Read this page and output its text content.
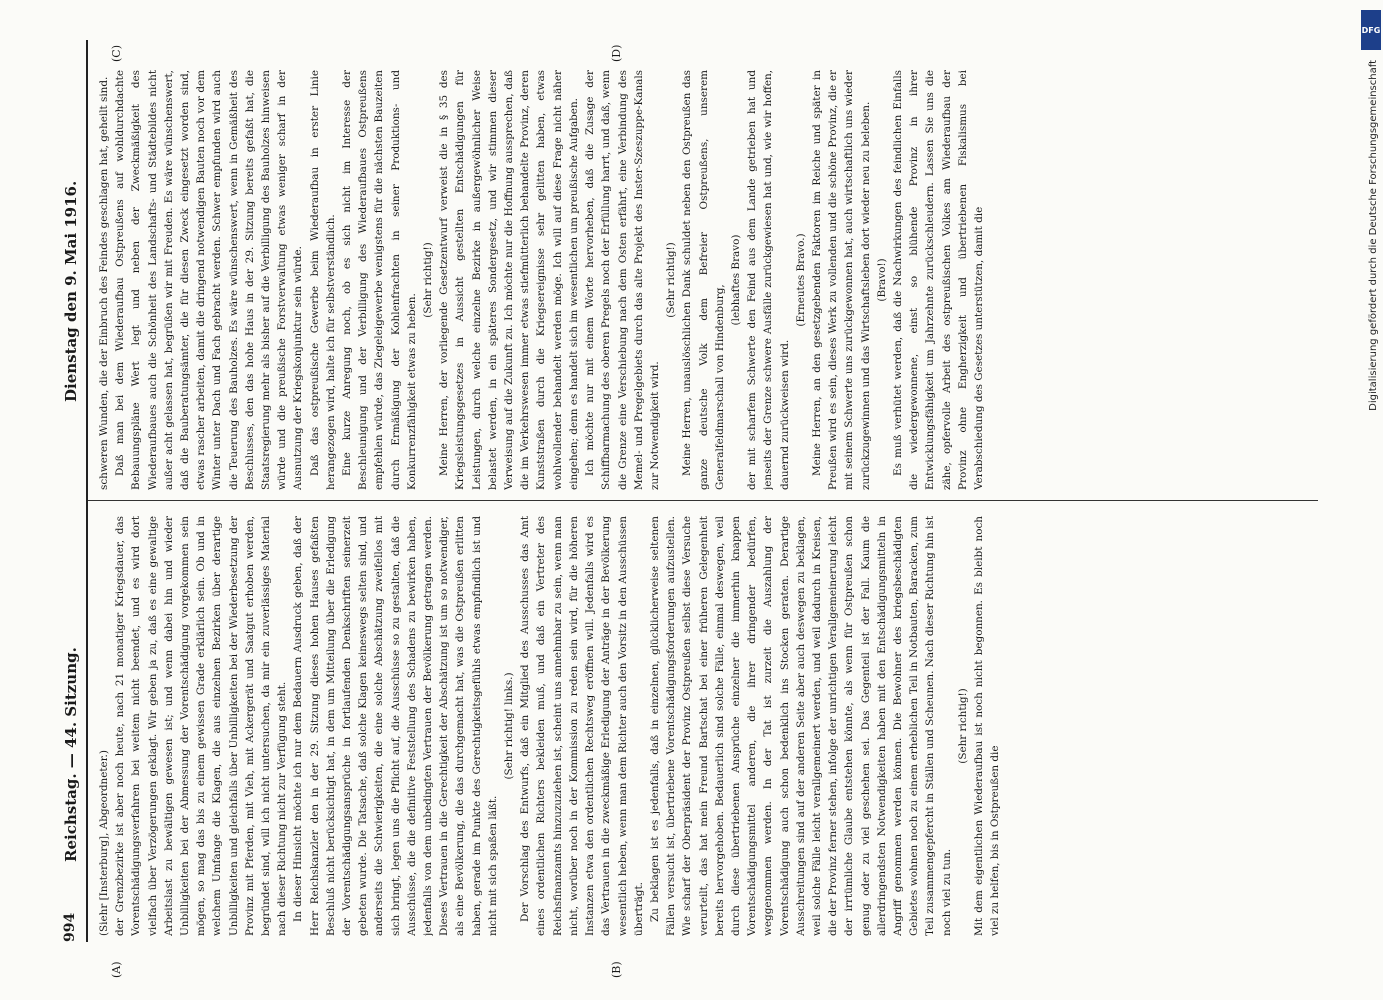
994
Reichstag. — 44. Sitzung.
Dienstag den 9. Mai 1916.
(A)	(B)
(C)	(D)

(Siehr [Insterburg], Abgeordneter.) der Grenzbezirke ist aber noch heute, nach 21 monatiger Kriegsdauer, das Vorentschädigungsverfahren bei weitem nicht beendet, und es wird dort vielfach über Verzögerungen geklagt. Wir geben ja zu, daß es eine gewaltige Arbeitslast zu bewältigen gewesen ist; und wenn dabei hin und wieder Unbilligkeiten bei der Abmessung der Vorentschädigung vorgekommen sein mögen, so mag das bis zu einem gewissen Grade erklärlich sein. Ob und in welchem Umfange die Klagen, die aus einzelnen Bezirken über derartige Unbilligkeiten und gleichfalls über Unbilligkeiten bei der Wiederbesetzung der Provinz mit Pferden, mit Vieh, mit Ackergerät und Saatgut erhoben werden, begründet sind, will ich nicht untersuchen, da mir ein zuverlässiges Material nach dieser Richtung nicht zur Verfügung steht. In dieser Hinsicht möchte ich nur dem Bedauern Ausdruck geben, daß der Herr Reichskanzler den in der 29. Sitzung dieses hohen Hauses gefaßten Beschluß nicht berücksichtigt hat, in dem um Mitteilung über die Erledigung der Vorentschädigungsansprüche in fortlaufenden Denkschriften seinerzeit gebeten wurde. Die Tatsache, daß solche Klagen keineswegs selten sind, und anderseits die Schwierigkeiten, die eine solche Abschätzung zweifellos mit sich bringt, legen uns die Pflicht auf, die Ausschüsse so zu gestalten, daß die Ausschüsse, die die definitive Feststellung des Schadens zu bewirken haben, jedenfalls von dem unbedingten Vertrauen der Bevölkerung getragen werden. Dieses Vertrauen in die Gerechtigkeit der Abschätzung ist um so notwendiger, als eine Bevölkerung, die das durchgemacht hat, was die Ostpreußen erlitten haben, gerade im Punkte des Gerechtigkeitsgefühls etwas empfindlich ist und nicht mit sich spaßen läßt.

(Sehr richtig! links.) Der Vorschlag des Entwurfs, daß ein Mitglied des Ausschusses das Amt eines ordentlichen Richters bekleiden muß, und daß ein Vertreter des Reichsfinanzamts hinzuzuziehen ist, scheint uns annehmbar zu sein, wenn man nicht, worüber noch in der Kommission zu reden sein wird, für die höheren Instanzen etwa den ordentlichen Rechtsweg eröffnen will. Jedenfalls wird es das Vertrauen in die zweckmäßige Erledigung der Anträge in der Bevölkerung wesentlich heben, wenn man dem Richter auch den Vorsitz in den Ausschüssen überträgt. Zu beklagen ist es jedenfalls, daß in einzelnen, glücklicherweise seltenen Fällen versucht ist, übertriebene Vorentschädigungsforderungen aufzustellen. Wie scharf der Oberpräsident der Provinz Ostpreußen selbst diese Versuche verurteilt, das hat mein Freund Bartschat bei einer früheren Gelegenheit bereits hervorgehoben. Bedauerlich sind solche Fälle, einmal deswegen, weil durch diese übertriebenen Ansprüche einzelner die immerhin knappen Vorentschädigungsmittel anderen, die ihrer dringender bedürfen, weggenommen werden. In der Tat ist zurzeit die Auszahlung der Vorentschädigung auch schon bedenklich ins Stocken geraten. Derartige Ausschreitungen sind auf der anderen Seite aber auch deswegen zu beklagen, weil solche Fälle leicht verallgemeinert werden, und weil dadurch in Kreisen, die der Provinz ferner stehen, infolge der unrichtigen Verallgemeinerung leicht der irrtümliche Glaube entstehen könnte, als wenn für Ostpreußen schon genug oder zu viel geschehen sei. Das Gegenteil ist der Fall. Kaum die allerdringendsten Notwendigkeiten haben mit den Entschädigungsmitteln in Angriff genommen werden können. Die Bewohner des kriegsbeschädigten Gebietes wohnen noch zu einem erheblichen Teil in Notbauten, Baracken, zum Teil zusammengepfercht in Ställen und Scheunen. Nach dieser Richtung hin ist noch viel zu tun.

(Sehr richtig!) Mit dem eigentlichen Wiederaufbau ist noch nicht begonnen. Es bleibt noch viel zu helfen, bis in Ostpreußen die

schweren Wunden, die der Einbruch des Feindes geschlagen hat, geheilt sind. Daß man bei dem Wiederaufbau Ostpreußens auf wohldurchdachte Bebauungspläne Wert legt und neben der Zweckmäßigkeit des Wiederaufbaues auch die Schönheit des Landschafts- und Städtebildes nicht außer acht gelassen hat, begrüßen wir mit Freuden. Es wäre wünschenswert, daß die Bauberatungsämter, die für diesen Zweck eingesetzt worden sind, etwas rascher arbeiten, damit die dringend notwendigen Bauten noch vor dem Winter unter Dach und Fach gebracht werden. Schwer empfunden wird auch die Teuerung des Bauholzes. Es wäre wünschenswert, wenn in Gemäßheit des Beschlusses, den das hohe Haus in der 29. Sitzung bereits gefaßt hat, die Staatsregierung mehr als bisher auf die Verbilligung des Bauholzes hinweisen würde und die preußische Forstverwaltung etwas weniger scharf in der Ausnutzung der Kriegskonjunktur sein würde. Daß das ostpreußische Gewerbe beim Wiederaufbau in erster Linie herangezogen wird, halte ich für selbstverständlich. Eine kurze Anregung noch, ob es sich nicht im Interesse der Beschleunigung und der Verbilligung des Wiederaufbaues Ostpreußens empfehlen würde, das Ziegeleigewerbe wenigstens für die nächsten Bauzeiten durch Ermäßigung der Kohlenfrachten in seiner Produktions- und Konkurrenzfähigkeit etwas zu heben.

(Sehr richtig!) Meine Herren, der vorliegende Gesetzentwurf verweist die in § 35 des Kriegsleistungsgesetzes in Aussicht gestellten Entschädigungen für Leistungen, durch welche einzelne Bezirke in außergewöhnlicher Weise belastet werden, in ein späteres Sondergesetz, und wir stimmen dieser Verweisung auf die Zukunft zu. Ich möchte nur die Hoffnung aussprechen, daß die im Verkehrswesen immer etwas stiefmütterlich behandelte Provinz, deren Kunststraßen durch die Kriegsereignisse sehr gelitten haben, etwas wohlwollender behandelt werden möge. Ich will auf diese Frage nicht näher eingehen; denn es handelt sich im wesentlichen um preußische Aufgaben. Ich möchte nur mit einem Worte hervorheben, daß die Zusage der Schiffbarmachung des oberen Pregels noch der Erfüllung harrt, und daß, wenn die Grenze eine Verschiebung nach dem Osten erfährt, eine Verbindung des Memel- und Pregelgebiets durch das alte Projekt des Inster-Szeszuppe-Kanals zur Notwendigkeit wird.

(Sehr richtig!) Meine Herren, unauslöschlichen Dank schuldet neben den Ostpreußen das ganze deutsche Volk dem Befreier Ostpreußens, unserem Generalfeldmarschall von Hindenburg,

(lebhaftes Bravo) der mit scharfem Schwerte den Feind aus dem Lande getrieben hat und jenseits der Grenze schwere Ausfälle zurückgewiesen hat und, wie wir hoffen, dauernd zurückweisen wird.

(Erneutes Bravo.) Meine Herren, an den gesetzgebenden Faktoren im Reiche und später in Preußen wird es sein, dieses Werk zu vollenden und die schöne Provinz, die er mit seinem Schwerte uns zurückgewonnen hat, auch wirtschaftlich uns wieder zurückzugewinnen und das Wirtschaftsleben dort wieder neu zu beleben. (Bravo!) Es muß verhütet werden, daß die Nachwirkungen des feindlichen Einfalls die wiedergewonnene, einst so blühende Provinz in ihrer Entwicklungsfähigkeit um Jahrzehnte zurückschleudern. Lassen Sie uns die zähe, opfervolle Arbeit des ostpreußischen Volkes am Wiederaufbau der Provinz ohne Engherzigkeit und übertriebenen Fiskalismus bei Verabschiedung des Gesetzes unterstützen, damit die

DFG
Digitalisierung gefördert durch die Deutsche Forschungsgemeinschaft
